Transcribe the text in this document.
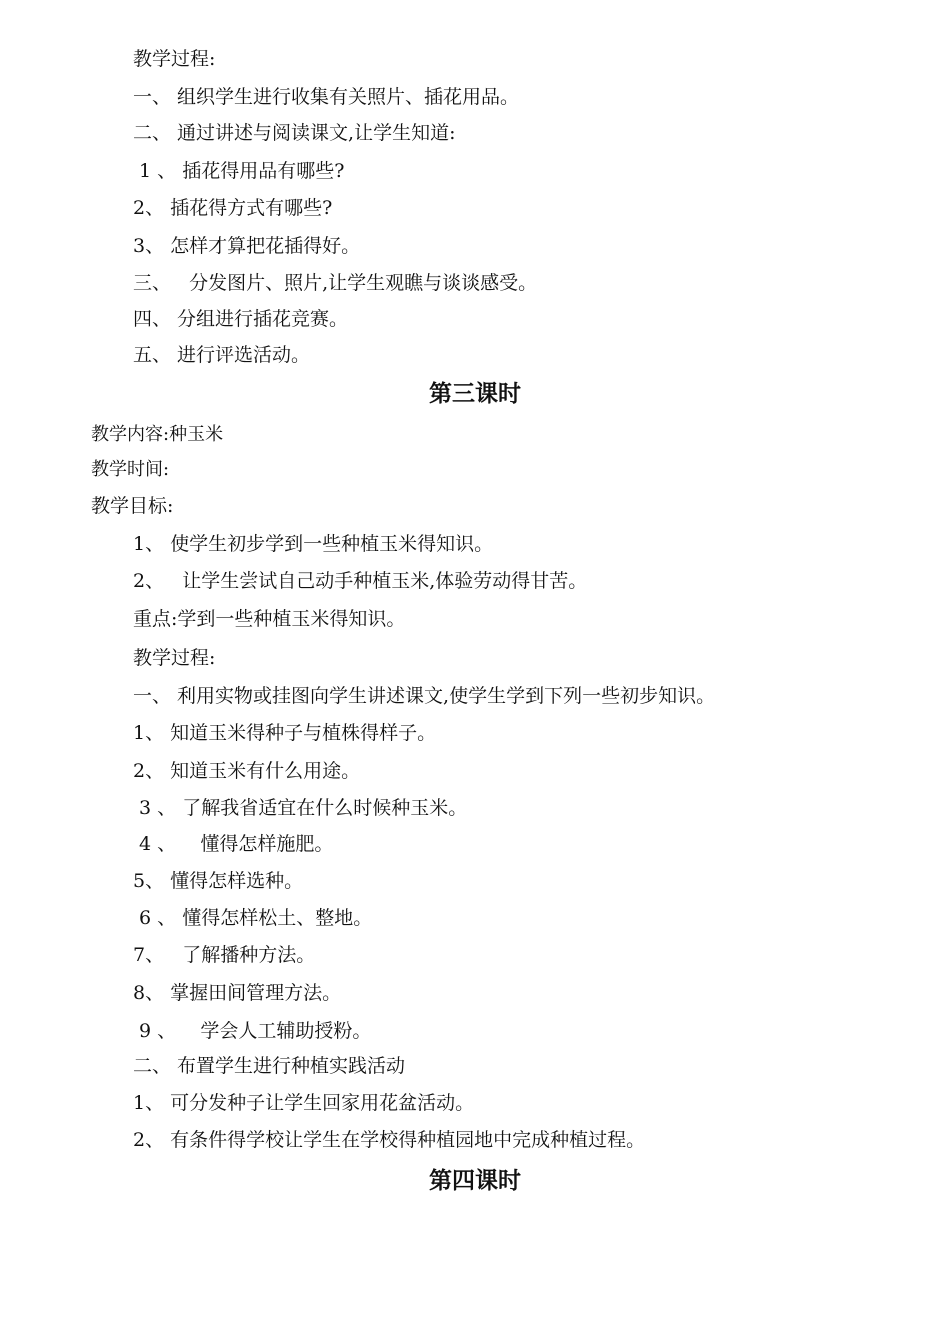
教学过程:
一、 组织学生进行收集有关照片、插花用品。
二、 通过讲述与阅读课文,让学生知道:
1 、 插花得用品有哪些?
2、 插花得方式有哪些?
3、 怎样才算把花插得好。
三、   分发图片、照片,让学生观瞧与谈谈感受。
四、 分组进行插花竞赛。
五、 进行评选活动。
第三课时
教学内容:种玉米
教学时间:
教学目标:
1、 使学生初步学到一些种植玉米得知识。
2、   让学生尝试自己动手种植玉米,体验劳动得甘苦。
重点:学到一些种植玉米得知识。
教学过程:
一、 利用实物或挂图向学生讲述课文,使学生学到下列一些初步知识。
1、 知道玉米得种子与植株得样子。
2、 知道玉米有什么用途。
3 、 了解我省适宜在什么时候种玉米。
4 、    懂得怎样施肥。
5、 懂得怎样选种。
6 、 懂得怎样松土、整地。
7、   了解播种方法。
8、 掌握田间管理方法。
9 、    学会人工辅助授粉。
二、 布置学生进行种植实践活动
1、 可分发种子让学生回家用花盆活动。
2、 有条件得学校让学生在学校得种植园地中完成种植过程。
第四课时
